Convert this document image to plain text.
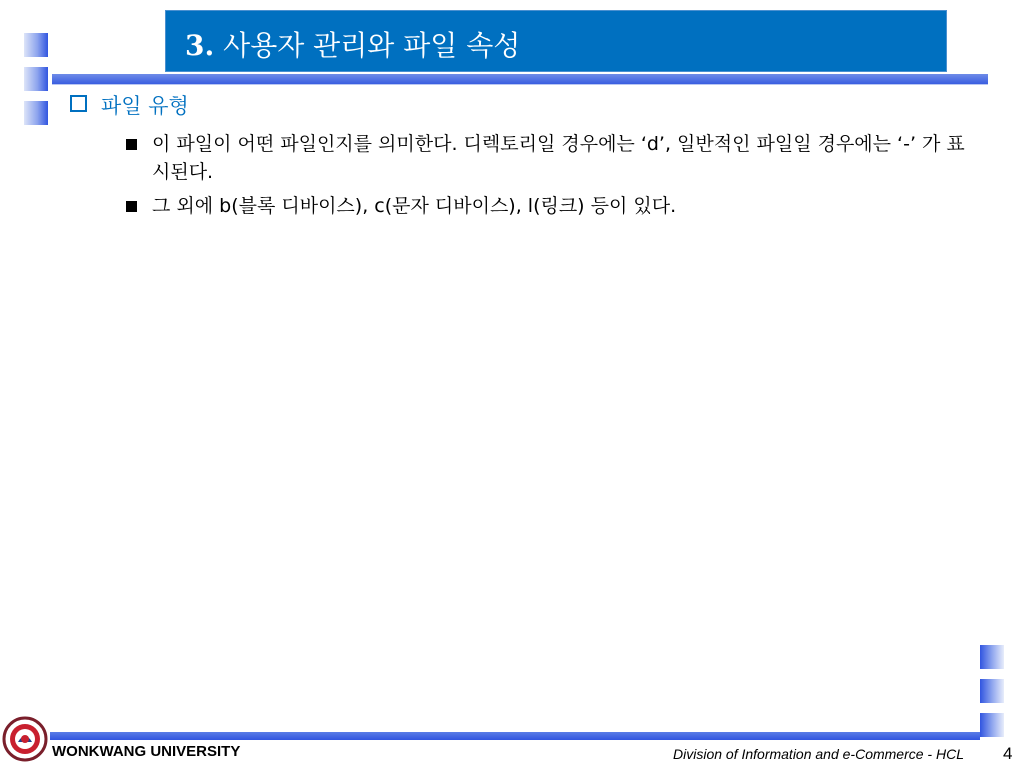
3. 사용자 관리와 파일 속성
파일 유형
이 파일이 어떤 파일인지를 의미한다. 디렉토리일 경우에는 ‘d’, 일반적인 파일일 경우에는 ‘-’ 가 표시된다.
그 외에 b(블록 디바이스), c(문자 디바이스), l(링크) 등이 있다.
WONKWANG UNIVERSITY	Division of Information and e-Commerce - HCL 4
